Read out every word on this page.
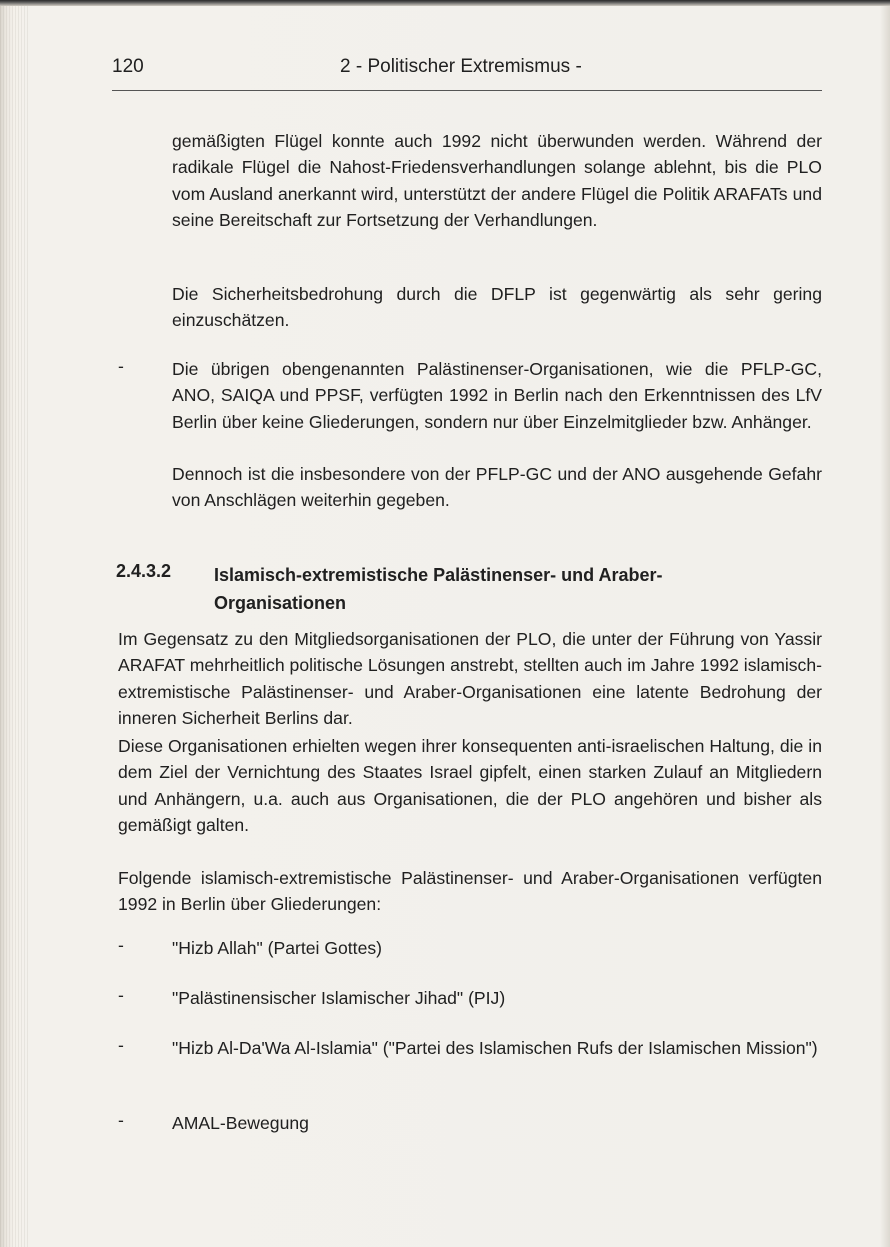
120	2 - Politischer Extremismus -

gemäßigten Flügel konnte auch 1992 nicht überwunden werden. Während der radikale Flügel die Nahost-Friedensverhandlungen solange ablehnt, bis die PLO vom Ausland anerkannt wird, unterstützt der andere Flügel die Politik ARAFATs und seine Bereitschaft zur Fortsetzung der Verhandlungen.

Die Sicherheitsbedrohung durch die DFLP ist gegenwärtig als sehr gering einzuschätzen.

-	Die übrigen obengenannten Palästinenser-Organisationen, wie die PFLP-GC, ANO, SAIQA und PPSF, verfügten 1992 in Berlin nach den Erkenntnissen des LfV Berlin über keine Gliederungen, sondern nur über Einzelmitglieder bzw. Anhänger.

Dennoch ist die insbesondere von der PFLP-GC und der ANO ausgehende Gefahr von Anschlägen weiterhin gegeben.

2.4.3.2 Islamisch-extremistische Palästinenser- und Araber-Organisationen

Im Gegensatz zu den Mitgliedsorganisationen der PLO, die unter der Führung von Yassir ARAFAT mehrheitlich politische Lösungen anstrebt, stellten auch im Jahre 1992 islamisch-extremistische Palästinenser- und Araber-Organisationen eine latente Bedrohung der inneren Sicherheit Berlins dar.

Diese Organisationen erhielten wegen ihrer konsequenten anti-israelischen Haltung, die in dem Ziel der Vernichtung des Staates Israel gipfelt, einen starken Zulauf an Mitgliedern und Anhängern, u.a. auch aus Organisationen, die der PLO angehören und bisher als gemäßigt galten.

Folgende islamisch-extremistische Palästinenser- und Araber-Organisationen verfügten 1992 in Berlin über Gliederungen:

-	"Hizb Allah" (Partei Gottes)

-	"Palästinensischer Islamischer Jihad" (PIJ)

-	"Hizb Al-Da'Wa Al-Islamia" ("Partei des Islamischen Rufs der Islamischen Mission")

-	AMAL-Bewegung
